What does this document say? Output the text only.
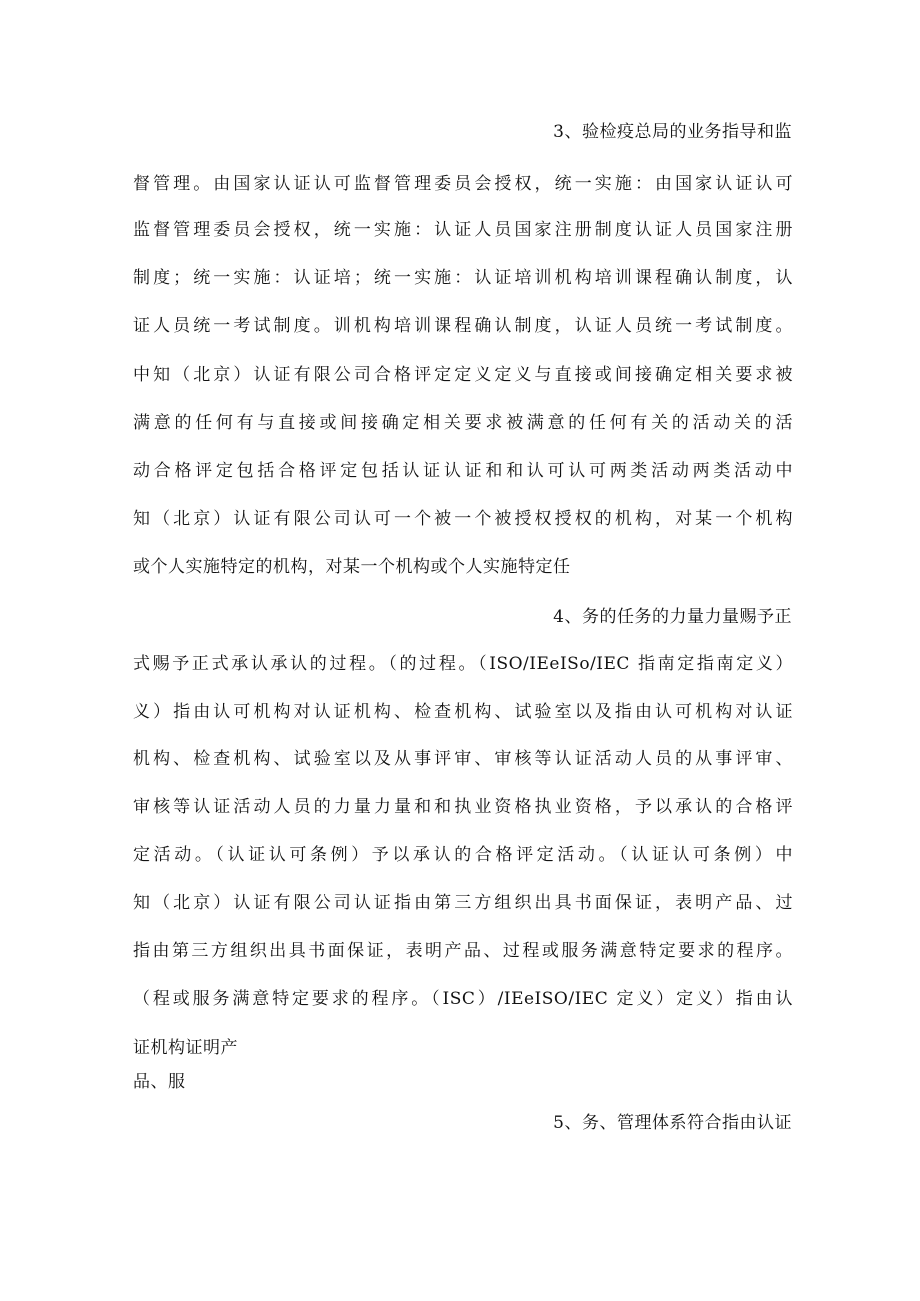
3、验检疫总局的业务指导和监
督管理。由国家认证认可监督管理委员会授权，统一实施：由国家认证认可
监督管理委员会授权，统一实施：认证人员国家注册制度认证人员国家注册
制度；统一实施：认证培；统一实施：认证培训机构培训课程确认制度，认
证人员统一考试制度。训机构培训课程确认制度，认证人员统一考试制度。
中知（北京）认证有限公司合格评定定义定义与直接或间接确定相关要求被
满意的任何有与直接或间接确定相关要求被满意的任何有关的活动关的活
动合格评定包括合格评定包括认证认证和和认可认可两类活动两类活动中
知（北京）认证有限公司认可一个被一个被授权授权的机构，对某一个机构
或个人实施特定的机构，对某一个机构或个人实施特定任
4、务的任务的力量力量赐予正
式赐予正式承认承认的过程。（的过程。（ISO/IEeISo/IEC 指南定指南定义）
义）指由认可机构对认证机构、检查机构、试验室以及指由认可机构对认证
机构、检查机构、试验室以及从事评审、审核等认证活动人员的从事评审、
审核等认证活动人员的力量力量和和执业资格执业资格，予以承认的合格评
定活动。（认证认可条例）予以承认的合格评定活动。（认证认可条例）中
知（北京）认证有限公司认证指由第三方组织出具书面保证，表明产品、过
指由第三方组织出具书面保证，表明产品、过程或服务满意特定要求的程序。
（程或服务满意特定要求的程序。（ISC）/IEeISO/IEC 定义）定义）指由认
证机构证明产
品、服
5、务、管理体系符合指由认证
